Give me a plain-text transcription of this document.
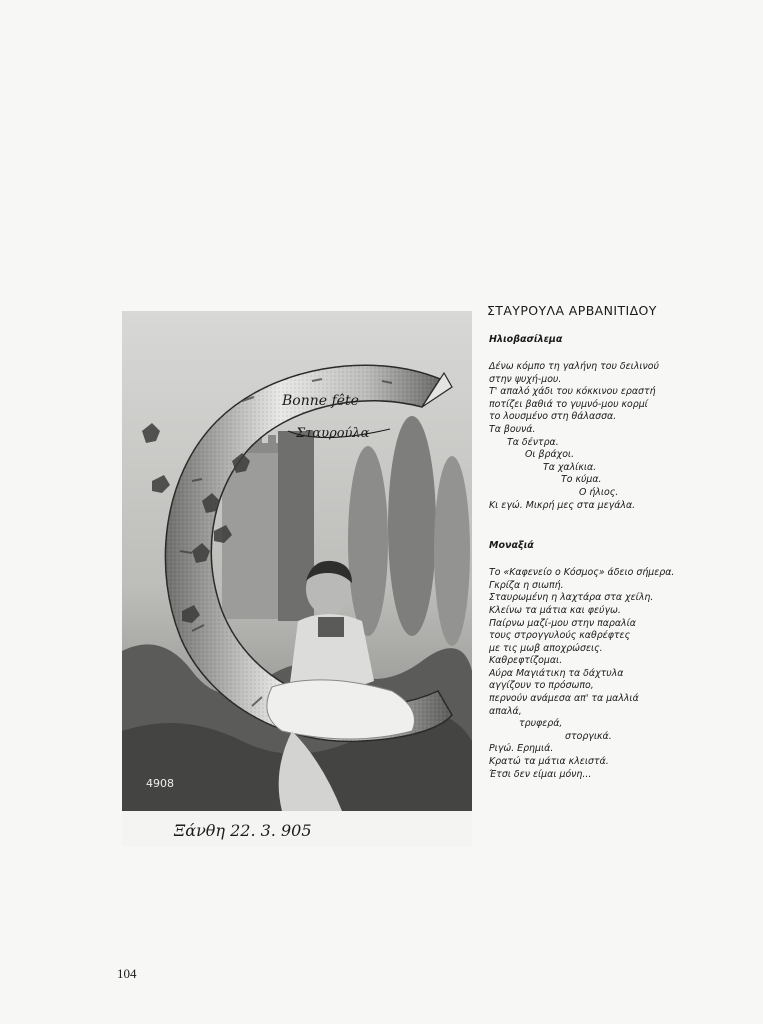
4908
Bonne fête
Σταυρούλα
Ξάνθη 22. 3. 905
ΣΤΑΥΡΟΥΛΑ ΑΡΒΑΝΙΤΙΔΟΥ
Ηλιοβασίλεμα
Δένω κόμπο τη γαλήνη του δειλινού
στην ψυχή-μου.
Τ' απαλό χάδι του κόκκινου εραστή
ποτίζει βαθιά το γυμνό-μου κορμί
το λουσμένο στη θάλασσα.
Τα βουνά.
Τα δέντρα.
Οι βράχοι.
Τα χαλίκια.
Το κύμα.
Ο ήλιος.
Κι εγώ. Μικρή μες στα μεγάλα.
Μοναξιά
Το «Καφενείο ο Κόσμος» άδειο σήμερα.
Γκρίζα η σιωπή.
Σταυρωμένη η λαχτάρα στα χείλη.
Κλείνω τα μάτια και φεύγω.
Παίρνω μαζί-μου στην παραλία
τους στρογγυλούς καθρέφτες
με τις μωβ αποχρώσεις.
Καθρεφτίζομαι.
Αύρα Μαγιάτικη τα δάχτυλα
αγγίζουν το πρόσωπο,
περνούν ανάμεσα απ' τα μαλλιά
απαλά,
τρυφερά,
στοργικά.
Ριγώ. Ερημιά.
Κρατώ τα μάτια κλειστά.
Έτσι δεν είμαι μόνη...
104
